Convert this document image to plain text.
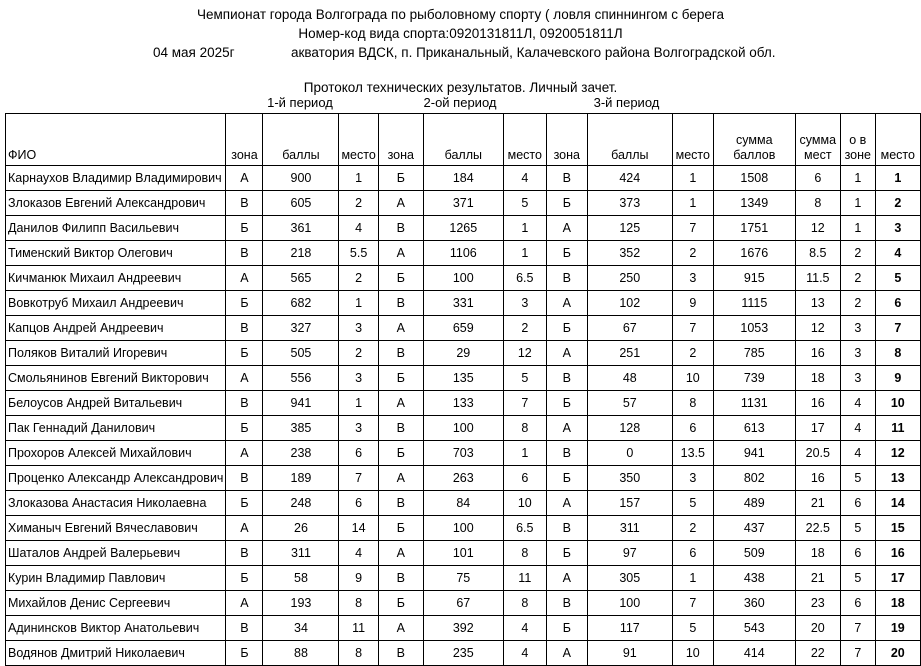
Чемпионат города Волгограда по рыболовному спорту ( ловля спиннингом с берега
Номер-код вида спорта:0920131811Л, 0920051811Л
04 мая 2025г	акватория ВДСК, п. Приканальный, Калачевского района Волгоградской обл.
Протокол технических результатов. Личный зачет.
1-й период	2-ой период	3-й период
ФИО	зона	баллы	место	зона	баллы	место	зона	баллы	место	сумма баллов	сумма мест	о в зоне	место
Карнаухов Владимир Владимирович	А	900	1	Б	184	4	В	424	1	1508	6	1	1
Злоказов Евгений Александрович	В	605	2	А	371	5	Б	373	1	1349	8	1	2
Данилов Филипп Васильевич	Б	361	4	В	1265	1	А	125	7	1751	12	1	3
Тименский Виктор Олегович	В	218	5.5	А	1106	1	Б	352	2	1676	8.5	2	4
Кичманюк Михаил Андреевич	А	565	2	Б	100	6.5	В	250	3	915	11.5	2	5
Вовкотруб Михаил Андреевич	Б	682	1	В	331	3	А	102	9	1115	13	2	6
Капцов Андрей Андреевич	В	327	3	А	659	2	Б	67	7	1053	12	3	7
Поляков Виталий Игоревич	Б	505	2	В	29	12	А	251	2	785	16	3	8
Смольянинов Евгений Викторович	А	556	3	Б	135	5	В	48	10	739	18	3	9
Белоусов Андрей Витальевич	В	941	1	А	133	7	Б	57	8	1131	16	4	10
Пак Геннадий Данилович	Б	385	3	В	100	8	А	128	6	613	17	4	11
Прохоров Алексей Михайлович	А	238	6	Б	703	1	В	0	13.5	941	20.5	4	12
Проценко Александр Александрович	В	189	7	А	263	6	Б	350	3	802	16	5	13
Злоказова Анастасия Николаевна	Б	248	6	В	84	10	А	157	5	489	21	6	14
Химаныч Евгений Вячеславович	А	26	14	Б	100	6.5	В	311	2	437	22.5	5	15
Шаталов Андрей Валерьевич	В	311	4	А	101	8	Б	97	6	509	18	6	16
Курин Владимир Павлович	Б	58	9	В	75	11	А	305	1	438	21	5	17
Михайлов Денис Сергеевич	А	193	8	Б	67	8	В	100	7	360	23	6	18
Адининсков Виктор Анатольевич	В	34	11	А	392	4	Б	117	5	543	20	7	19
Водянов Дмитрий Николаевич	Б	88	8	В	235	4	А	91	10	414	22	7	20
